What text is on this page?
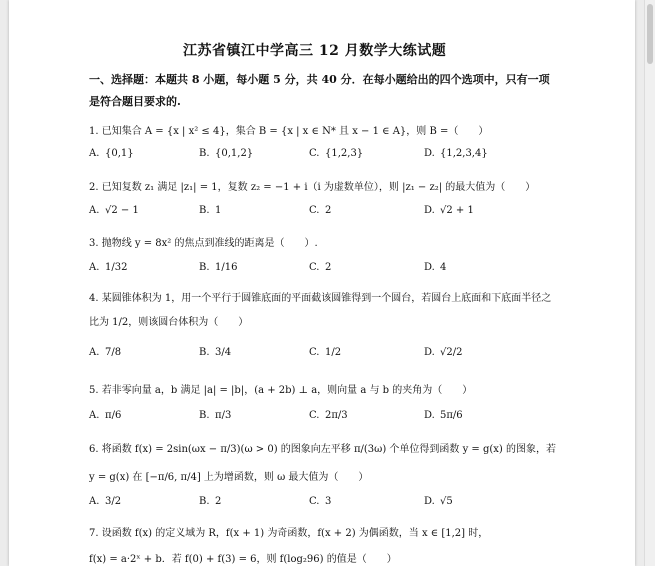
江苏省镇江中学高三 12 月数学大练试题
一、选择题：本题共 8 小题，每小题 5 分，共 40 分．在每小题给出的四个选项中，只有一项
是符合题目要求的.
1. 已知集合 A = {x | x² ≤ 4}，集合 B = {x | x ∈ N* 且 x − 1 ∈ A}，则 B =（　　）
A. {0,1}	B. {0,1,2}	C. {1,2,3}	D. {1,2,3,4}
2. 已知复数 z₁ 满足 |z₁| = 1，复数 z₂ = −1 + i（i 为虚数单位），则 |z₁ − z₂| 的最大值为（　　）
A. √2 − 1	B. 1	C. 2	D. √2 + 1
3. 抛物线 y = 8x² 的焦点到准线的距离是（　　）.
A. 1/32	B. 1/16	C. 2	D. 4
4. 某圆锥体积为 1，用一个平行于圆锥底面的平面截该圆锥得到一个圆台，若圆台上底面和下底面半径之
比为 1/2，则该圆台体积为（　　）
A. 7/8	B. 3/4	C. 1/2	D. √2/2
5. 若非零向量 a，b 满足 |a| = |b|，(a + 2b) ⊥ a，则向量 a 与 b 的夹角为（　　）
A. π/6	B. π/3	C. 2π/3	D. 5π/6
6. 将函数 f(x) = 2sin(ωx − π/3)(ω > 0) 的图象向左平移 π/(3ω) 个单位得到函数 y = g(x) 的图象，若
y = g(x) 在 [−π/6, π/4] 上为增函数，则 ω 最大值为（　　）
A. 3/2	B. 2	C. 3	D. √5
7. 设函数 f(x) 的定义域为 R，f(x + 1) 为奇函数，f(x + 2) 为偶函数，当 x ∈ [1,2] 时，
f(x) = a·2ˣ + b．若 f(0) + f(3) = 6，则 f(log₂96) 的值是（　　）
